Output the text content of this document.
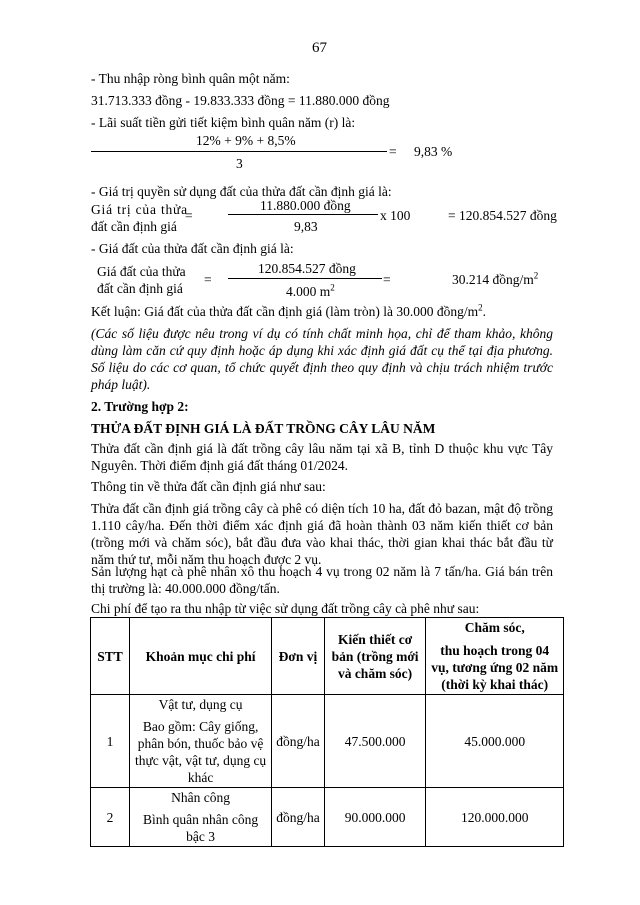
67
- Thu nhập ròng bình quân một năm:
31.713.333 đồng - 19.833.333 đồng = 11.880.000 đồng
- Lãi suất tiền gửi tiết kiệm bình quân năm (r) là:
12% + 9% + 8,5%
=
3
9,83 %
- Giá trị quyền sử dụng đất của thửa đất cần định giá là:
Giá trị của thửa
đất cần định giá
=
11.880.000 đồng
9,83
x 100	= 120.854.527 đồng
- Giá đất của thửa đất cần định giá là:
Giá đất của thửa
đất cần định giá
=
120.854.527 đồng
4.000 $m^2$
=	30.214 đồng/$m^2$
Kết luận: Giá đất của thửa đất cần định giá (làm tròn) là 30.000 đồng/$m^2$.
(Các số liệu được nêu trong ví dụ có tính chất minh họa, chỉ để tham khảo, không dùng làm căn cứ quy định hoặc áp dụng khi xác định giá đất cụ thể tại địa phương. Số liệu do các cơ quan, tổ chức quyết định theo quy định và chịu trách nhiệm trước pháp luật).
2. Trường hợp 2:
THỬA ĐẤT ĐỊNH GIÁ LÀ ĐẤT TRỒNG CÂY LÂU NĂM
Thửa đất cần định giá là đất trồng cây lâu năm tại xã B, tỉnh D thuộc khu vực Tây Nguyên. Thời điểm định giá đất tháng 01/2024.
Thông tin về thửa đất cần định giá như sau:
Thửa đất cần định giá trồng cây cà phê có diện tích 10 ha, đất đỏ bazan, mật độ trồng 1.110 cây/ha. Đến thời điểm xác định giá đã hoàn thành 03 năm kiến thiết cơ bản (trồng mới và chăm sóc), bắt đầu đưa vào khai thác, thời gian khai thác bắt đầu từ năm thứ tư, mỗi năm thu hoạch được 2 vụ.
Sản lượng hạt cà phê nhân xô thu hoạch 4 vụ trong 02 năm là 7 tấn/ha. Giá bán trên thị trường là: 40.000.000 đồng/tấn.
Chi phí để tạo ra thu nhập từ việc sử dụng đất trồng cây cà phê như sau:
STT	Khoản mục chi phí	Đơn vị	Kiến thiết cơ bản (trồng mới và chăm sóc)	Chăm sóc,
thu hoạch trong 04 vụ, tương ứng 02 năm (thời kỳ khai thác)

1	Vật tư, dụng cụ
Bao gồm: Cây giống, phân bón, thuốc bảo vệ thực vật, vật tư, dụng cụ khác	đồng/ha	47.500.000	45.000.000
2	Nhân công
Bình quân nhân công bậc 3	đồng/ha	90.000.000	120.000.000
